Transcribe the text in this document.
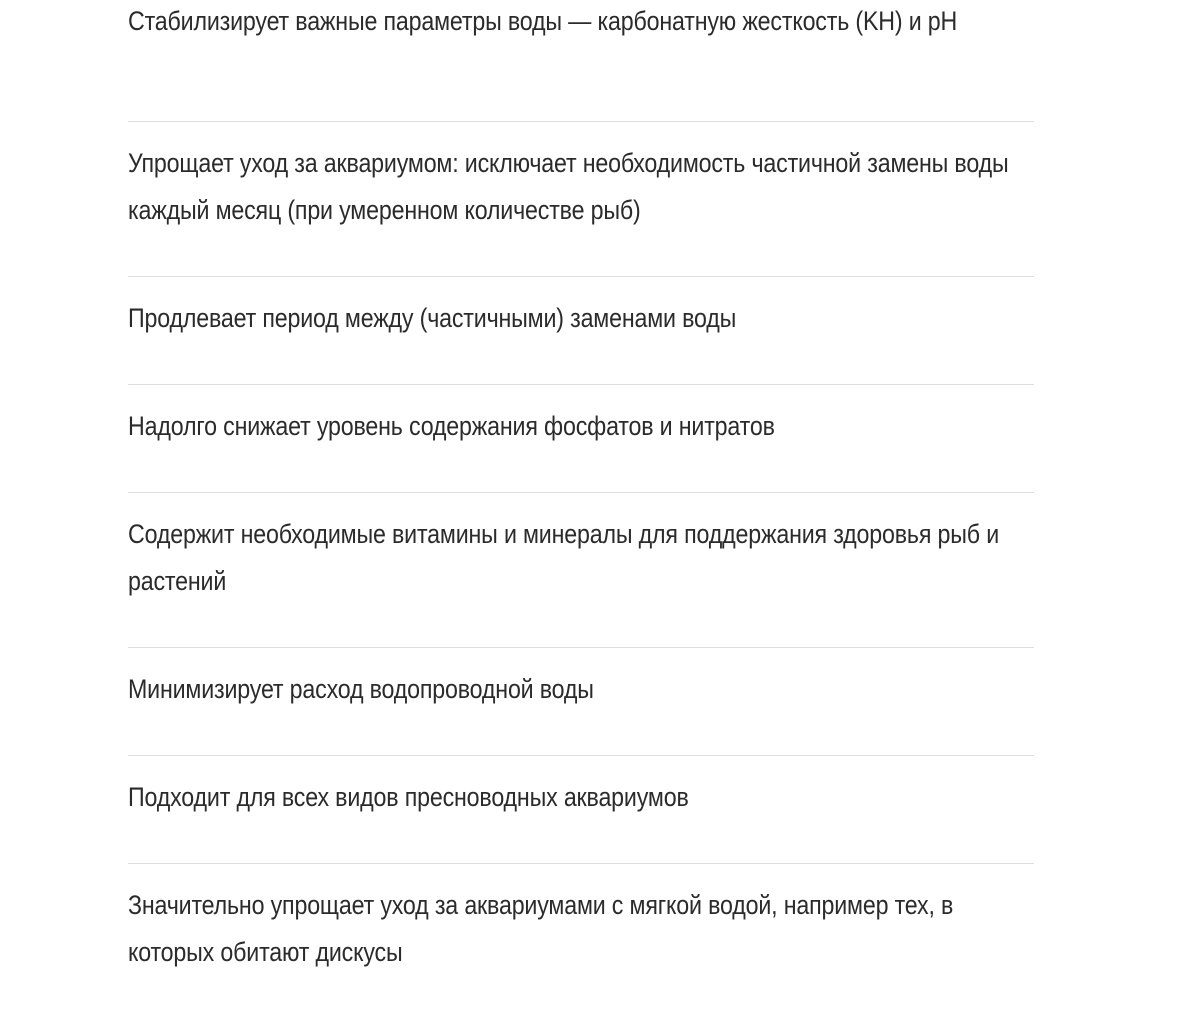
Стабилизирует важные параметры воды — карбонатную жесткость (KH) и pH
Упрощает уход за аквариумом: исключает необходимость частичной замены воды каждый месяц (при умеренном количестве рыб)
Продлевает период между (частичными) заменами воды
Надолго снижает уровень содержания фосфатов и нитратов
Содержит необходимые витамины и минералы для поддержания здоровья рыб и растений
Минимизирует расход водопроводной воды
Подходит для всех видов пресноводных аквариумов
Значительно упрощает уход за аквариумами с мягкой водой, например тех, в которых обитают дискусы
